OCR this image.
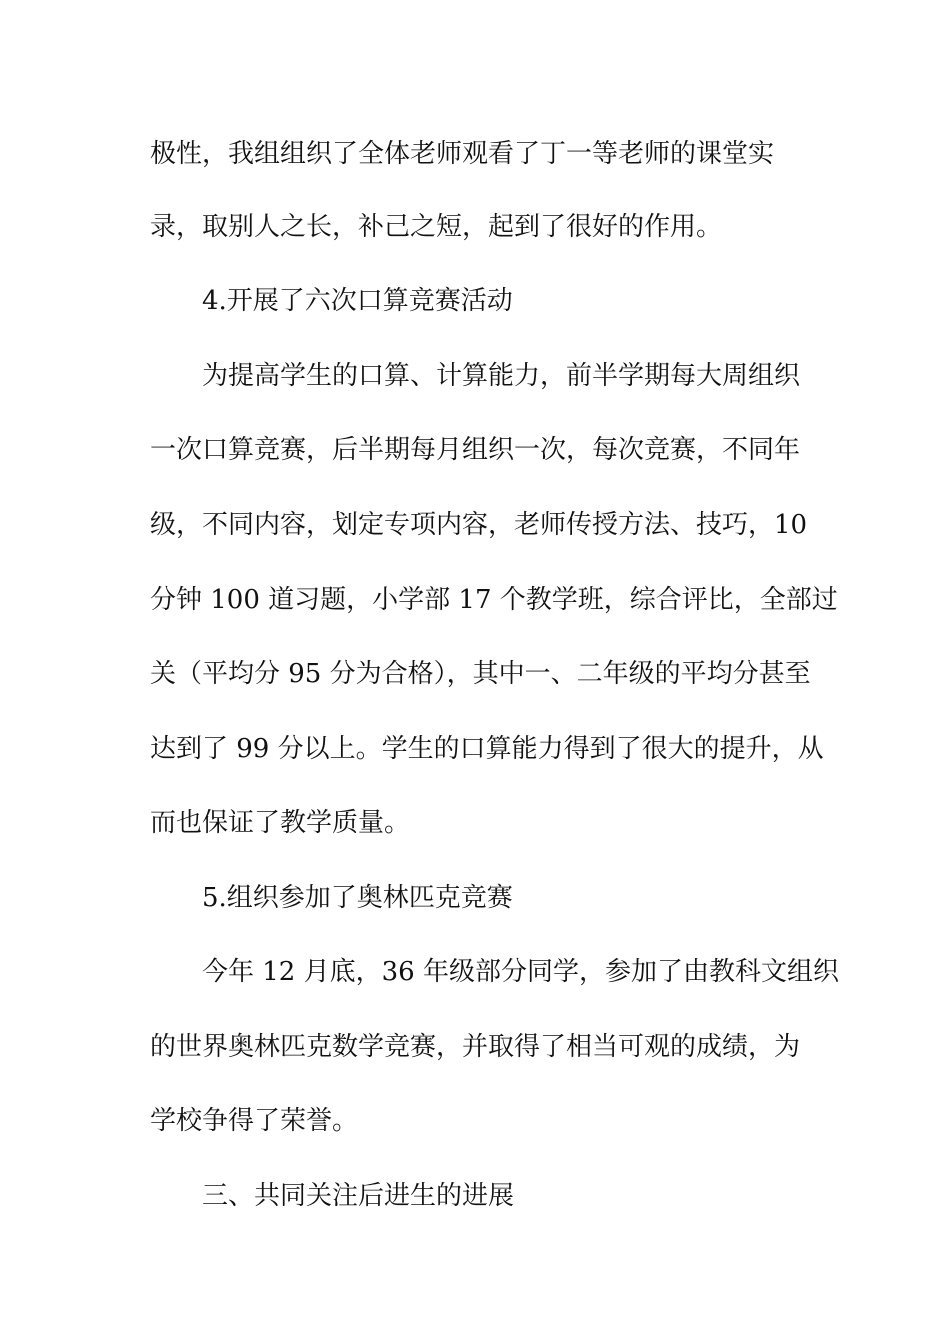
极性，我组组织了全体老师观看了丁一等老师的课堂实
录，取别人之长，补己之短，起到了很好的作用。
4.开展了六次口算竞赛活动
为提高学生的口算、计算能力，前半学期每大周组织
一次口算竞赛，后半期每月组织一次，每次竞赛，不同年
级，不同内容，划定专项内容，老师传授方法、技巧，10
分钟 100 道习题，小学部 17 个教学班，综合评比，全部过
关（平均分 95 分为合格），其中一、二年级的平均分甚至
达到了 99 分以上。学生的口算能力得到了很大的提升，从
而也保证了教学质量。
5.组织参加了奥林匹克竞赛
今年 12 月底，36 年级部分同学，参加了由教科文组织
的世界奥林匹克数学竞赛，并取得了相当可观的成绩，为
学校争得了荣誉。
三、共同关注后进生的进展
